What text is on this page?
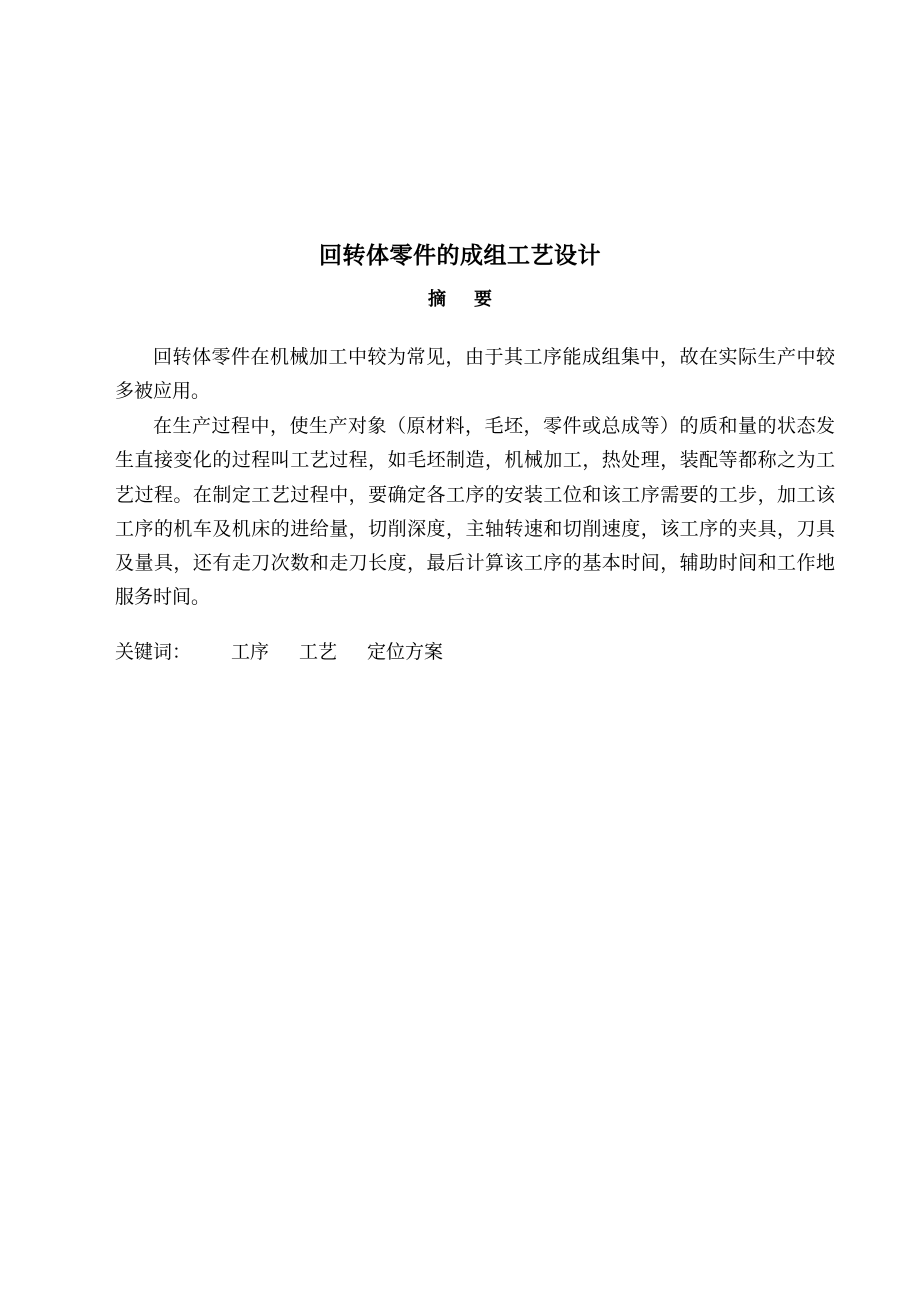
回转体零件的成组工艺设计
摘要

回转体零件在机械加工中较为常见，由于其工序能成组集中，故在实际生产中较多被应用。

在生产过程中，使生产对象（原材料，毛坯，零件或总成等）的质和量的状态发生直接变化的过程叫工艺过程，如毛坯制造，机械加工，热处理，装配等都称之为工艺过程。在制定工艺过程中，要确定各工序的安装工位和该工序需要的工步，加工该工序的机车及机床的进给量，切削深度，主轴转速和切削速度，该工序的夹具，刀具及量具，还有走刀次数和走刀长度，最后计算该工序的基本时间，辅助时间和工作地服务时间。

关键词： 工序 工艺 定位方案
